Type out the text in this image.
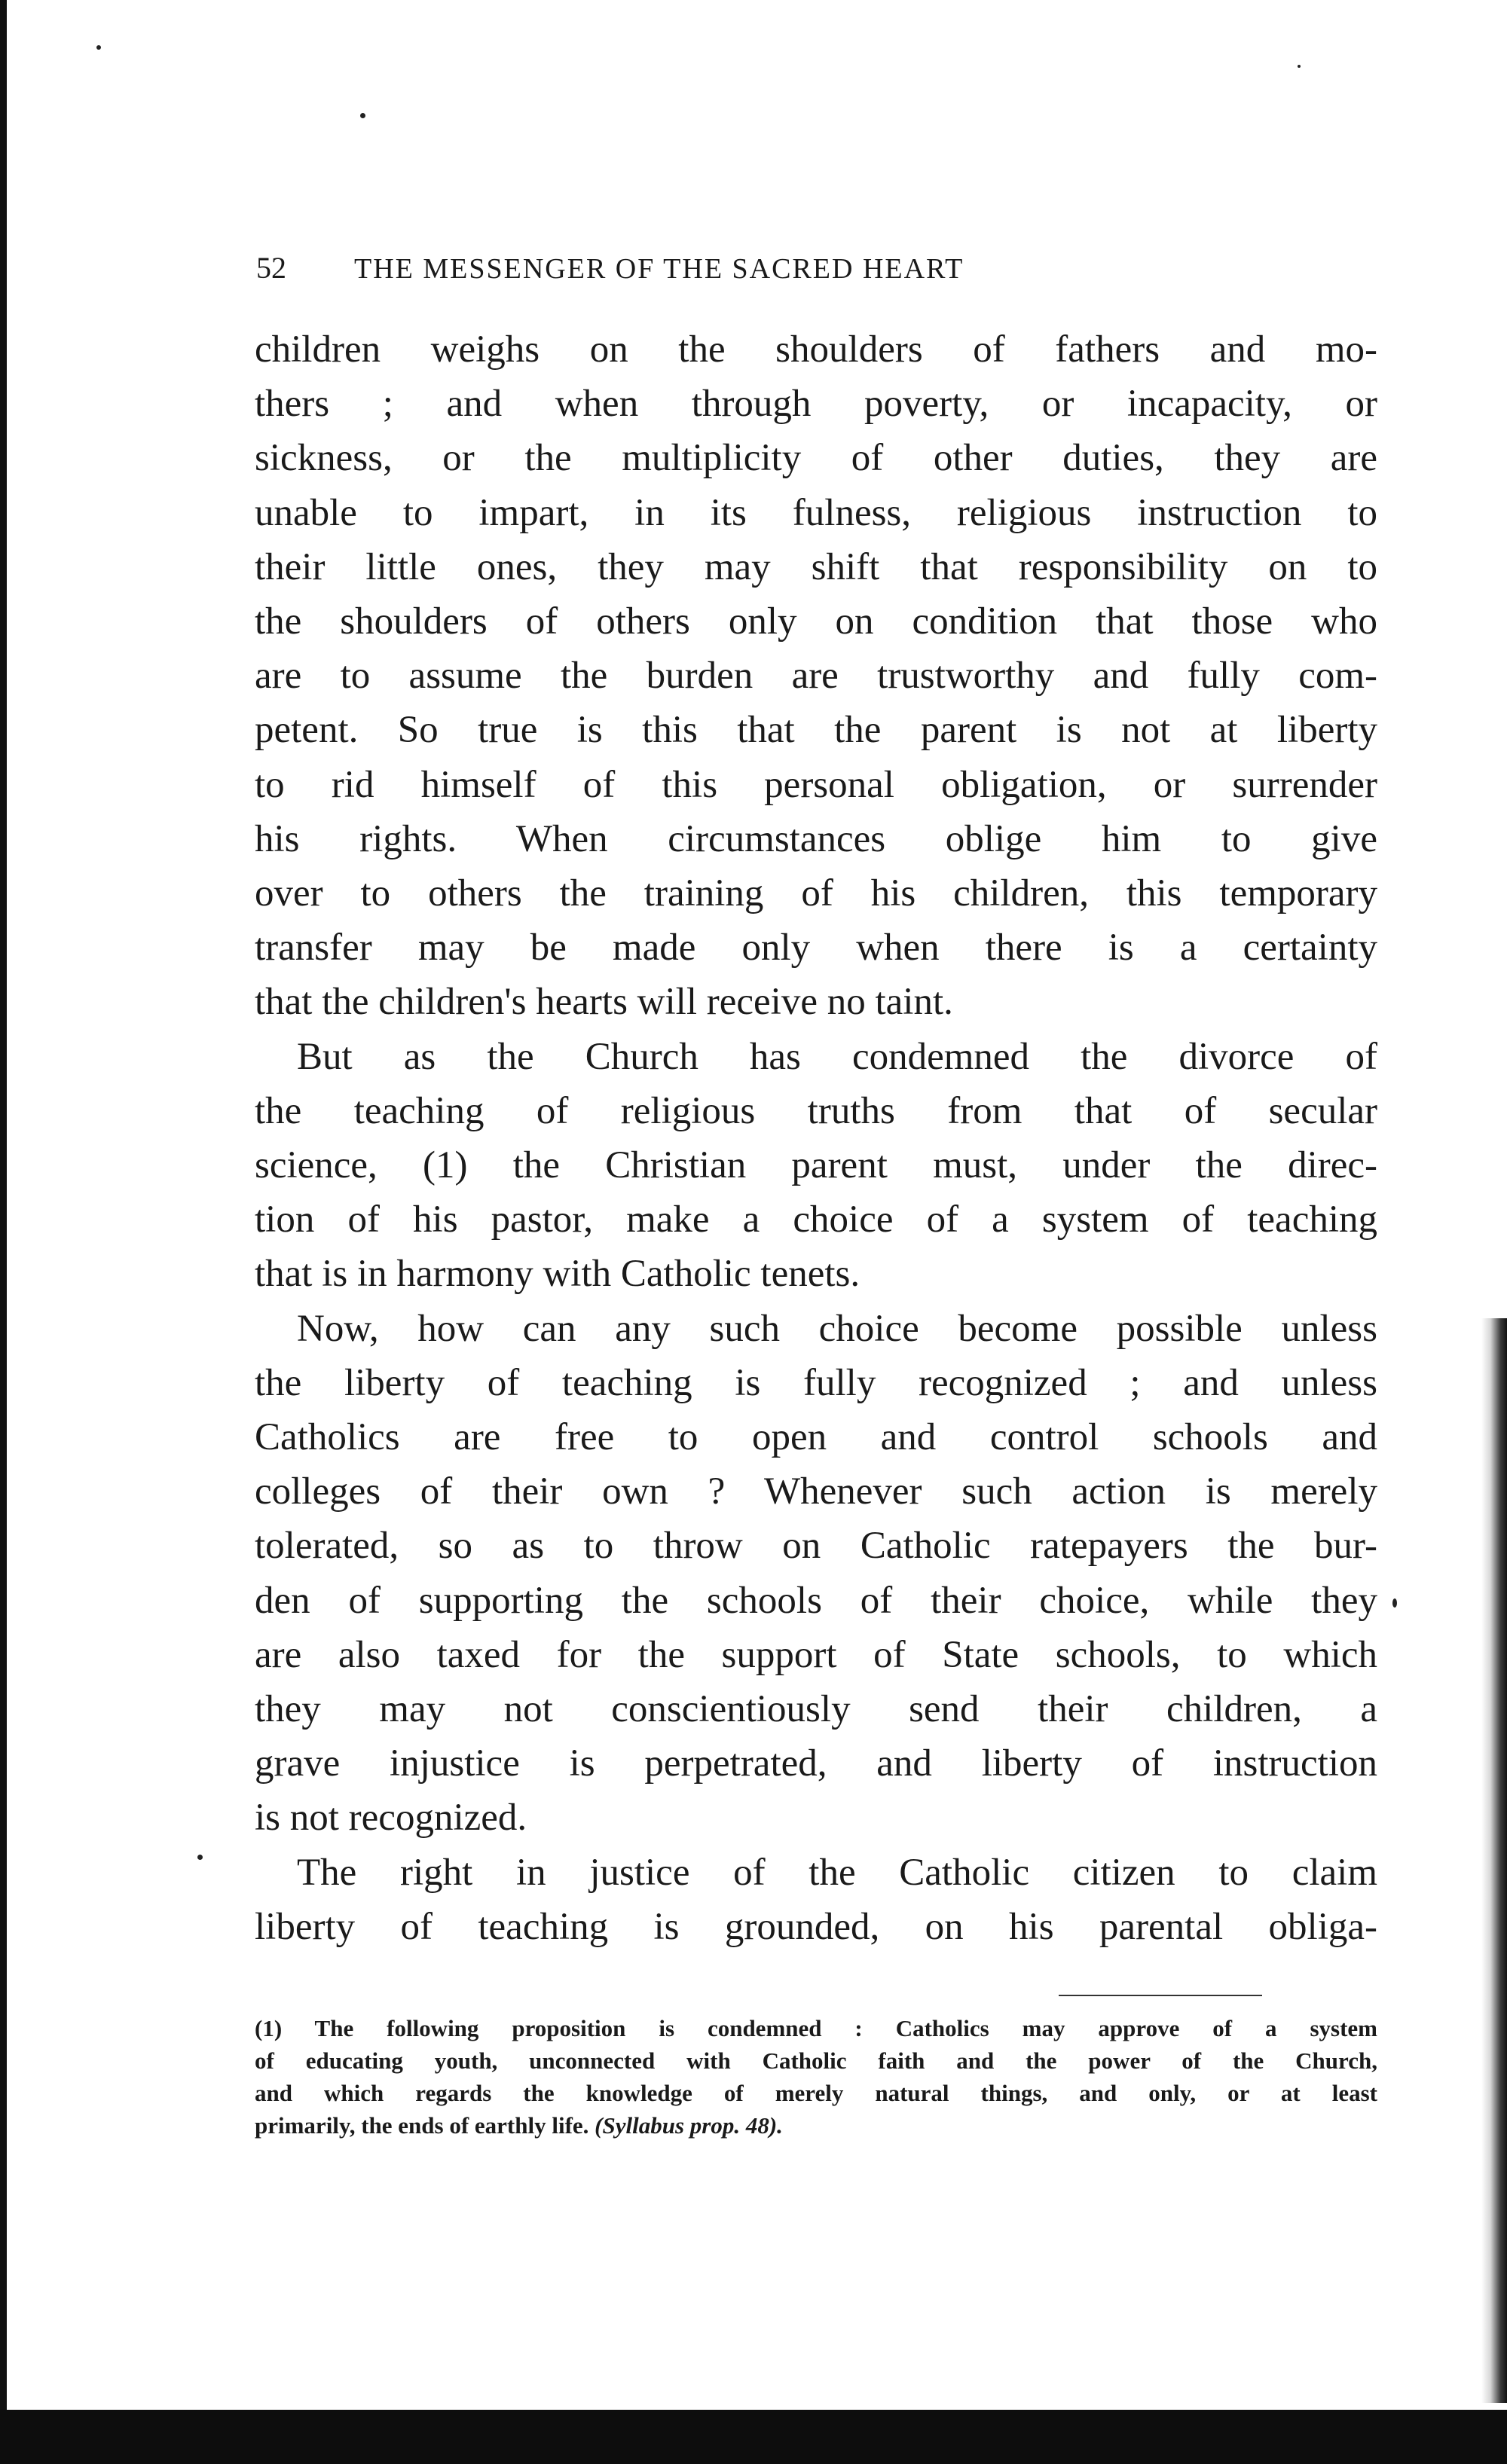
52 THE MESSENGER OF THE SACRED HEART
children weighs on the shoulders of fathers and mo-
thers ; and when through poverty, or incapacity, or
sickness, or the multiplicity of other duties, they are
unable to impart, in its fulness, religious instruction to
their little ones, they may shift that responsibility on to
the shoulders of others only on condition that those who
are to assume the burden are trustworthy and fully com-
petent. So true is this that the parent is not at liberty
to rid himself of this personal obligation, or surrender
his rights. When circumstances oblige him to give
over to others the training of his children, this temporary
transfer may be made only when there is a certainty
that the children's hearts will receive no taint.
But as the Church has condemned the divorce of
the teaching of religious truths from that of secular
science, (1) the Christian parent must, under the direc-
tion of his pastor, make a choice of a system of teaching
that is in harmony with Catholic tenets.
Now, how can any such choice become possible unless
the liberty of teaching is fully recognized ; and unless
Catholics are free to open and control schools and
colleges of their own ? Whenever such action is merely
tolerated, so as to throw on Catholic ratepayers the bur-
den of supporting the schools of their choice, while they
are also taxed for the support of State schools, to which
they may not conscientiously send their children, a
grave injustice is perpetrated, and liberty of instruction
is not recognized.
The right in justice of the Catholic citizen to claim
liberty of teaching is grounded, on his parental obliga-
(1) The following proposition is condemned : Catholics may approve of a system
of educating youth, unconnected with Catholic faith and the power of the Church,
and which regards the knowledge of merely natural things, and only, or at least
primarily, the ends of earthly life. (Syllabus prop. 48).
